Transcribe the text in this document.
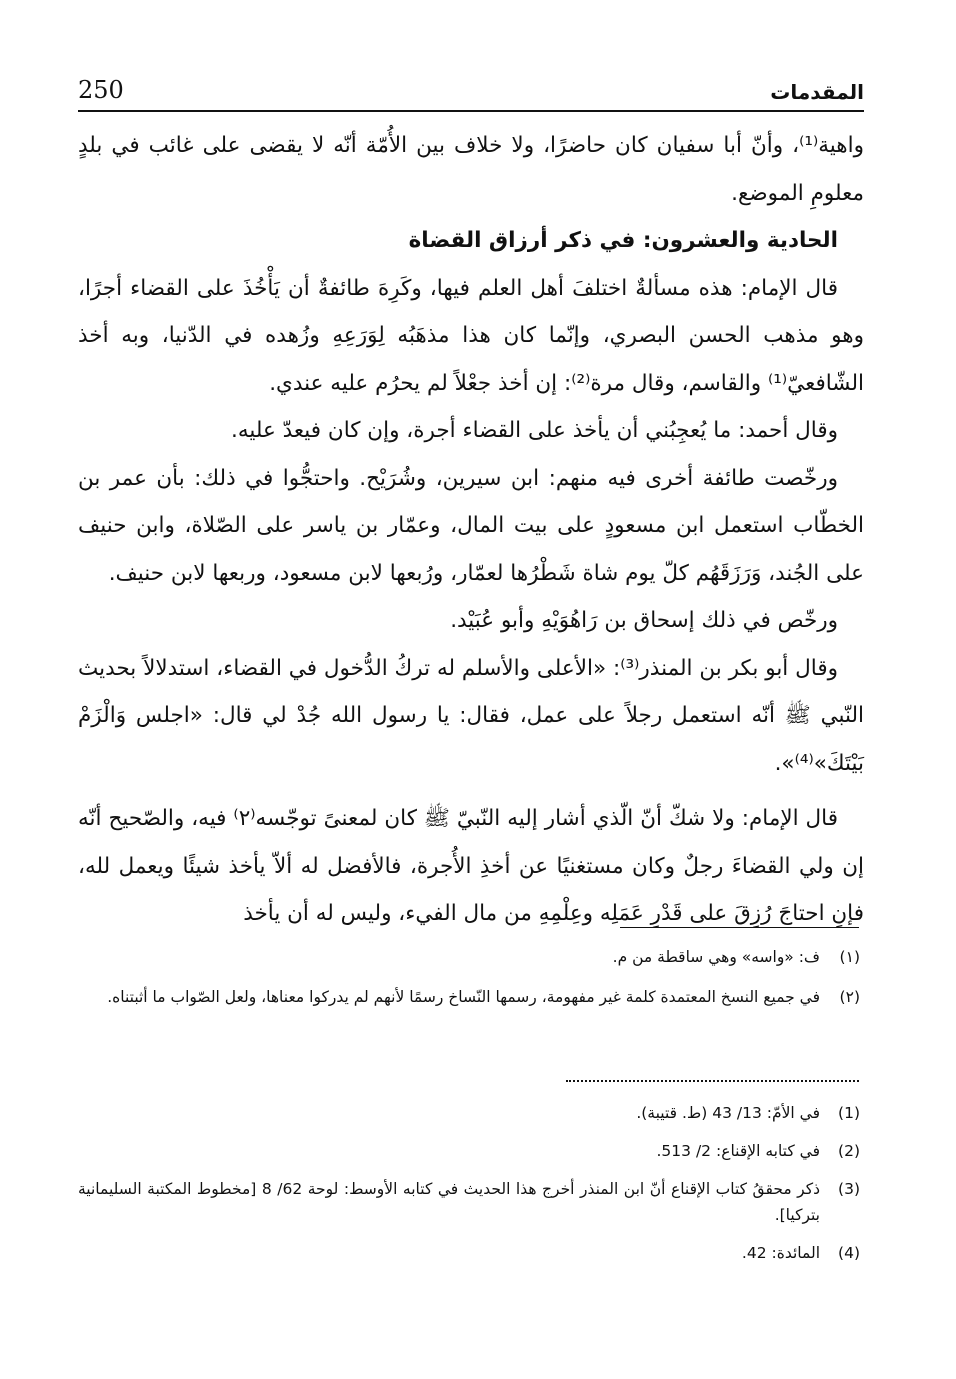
250	المقدمات

واهية⁽¹⁾، وأنّ أبا سفيان كان حاضرًا، ولا خلاف بين الأُمّة أنّه لا يقضى على غائب في بلدٍ معلومِ الموضع.

الحادية والعشرون: في ذكر أرزاق القضاة

قال الإمام: هذه مسألةٌ اختلفَ أهل العلم فيها، وكَرِهَ طائفةٌ أن يَأْخُذَ على القضاء أجرًا، وهو مذهب الحسن البصري، وإنّما كان هذا مذهَبُه لِوَرَعِهِ وزُهده في الدّنيا، وبه أخذ الشّافعيّ⁽¹⁾ والقاسم، وقال مرة⁽²⁾: إن أخذ جعْلاً لم يحرُم عليه عندي.

وقال أحمد: ما يُعجِبُني أن يأخذ على القضاء أجرة، وإن كان فيعدّ عليه.

ورخّصت طائفة أخرى فيه منهم: ابن سيرين، وشُرَيْح. واحتجُّوا في ذلك: بأن عمر بن الخطّاب استعمل ابن مسعودٍ على بيت المال، وعمّار بن ياسر على الصّلاة، وابن حنيف على الجُند، وَرَزَقَهُم كلّ يوم شاة شَطْرُها لعمّار، ورُبعها لابن مسعود، وربعها لابن حنيف.

ورخّص في ذلك إسحاق بن رَاهُوَيْهِ وأبو عُبَيْد.

وقال أبو بكر بن المنذر⁽³⁾: «الأعلى والأسلم له تركُ الدُّخول في القضاء، استدلالاً بحديث النّبي ﷺ أنّه استعمل رجلاً على عمل، فقال: يا رسول الله جُدْ لي قال: «اجلس وَالْزَمْ بَيْتَكَ»⁽⁴⁾».

قال الإمام: ولا شكّ أنّ الّذي أشار إليه النّبيّ ﷺ كان لمعنىً توجّسه⁽٢⁾ فيه، والصّحيح أنّه إن ولي القضاءَ رجلٌ وكان مستغنيًا عن أخذِ الأُجرة، فالأفضل له ألاّ يأخذ شيئًا ويعمل لله، فإنِ احتاجَ رُزِقَ على قَدْرِ عَمَلِه وعِلْمِهِ من مال الفيء، وليس له أن يأخذ

(١)
ف: «واسه» وهي ساقطة من م.
(٢)
في جميع النسخ المعتمدة كلمة غير مفهومة، رسمها النّساخ رسمًا لأنهم لم يدركوا معناها، ولعل الصّواب ما أثبتناه.
(1)
في الأمّ: 13/ 43 (ط. قتيبة).
(2)
في كتابه الإقناع: 2/ 513.
(3)
ذكر محققُ كتاب الإقناع أنّ ابن المنذر أخرج هذا الحديث في كتابه الأوسط: لوحة 62/ 8 [مخطوط المكتبة السليمانية بتركيا].
(4)
المائدة: 42.
